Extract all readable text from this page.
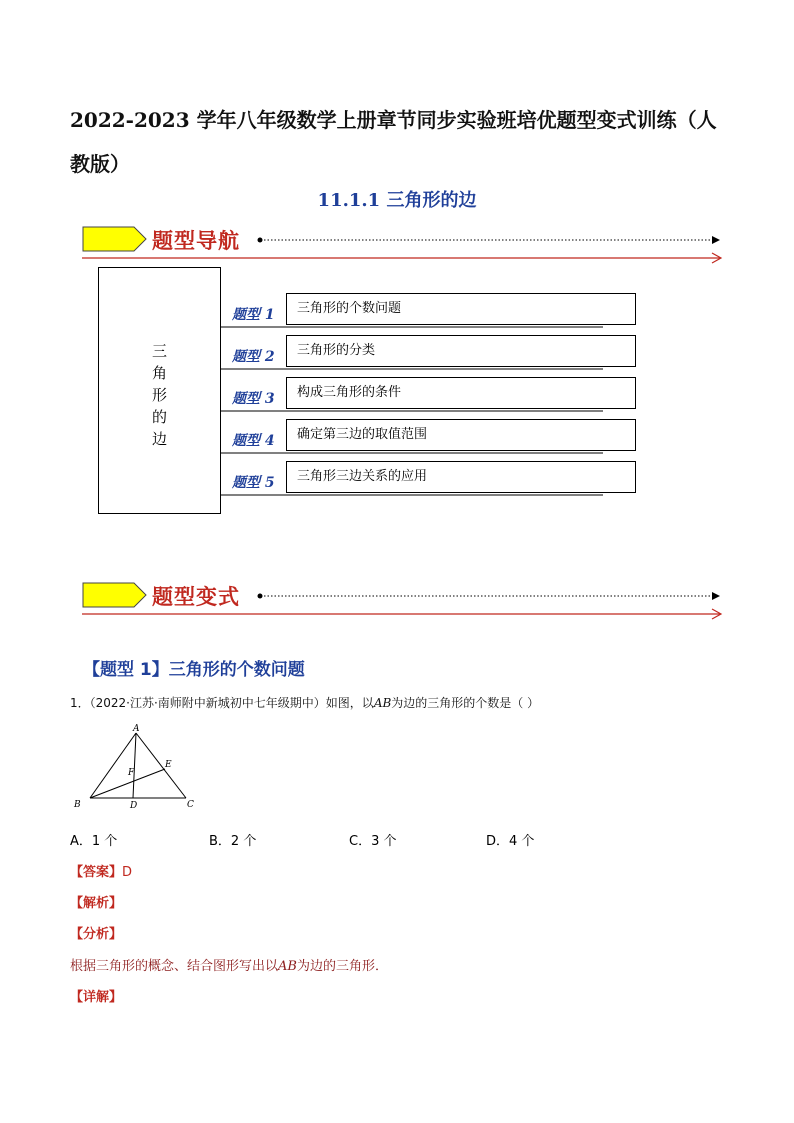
2022-2023 学年八年级数学上册章节同步实验班培优题型变式训练（人教版）
11.1.1 三角形的边
题型导航
三
角
形
的
边
题型 1	三角形的个数问题
题型 2	三角形的分类
题型 3	构成三角形的条件
题型 4	确定第三边的取值范围
题型 5	三角形三边关系的应用
题型变式
【题型 1】三角形的个数问题
1．（2022·江苏·南师附中新城初中七年级期中）如图，以AB为边的三角形的个数是（ ）
A
B	C
D
E
F
A．1 个	B．2 个	C．3 个	D．4 个
【答案】D
【解析】
【分析】
根据三角形的概念、结合图形写出以AB为边的三角形．
【详解】
